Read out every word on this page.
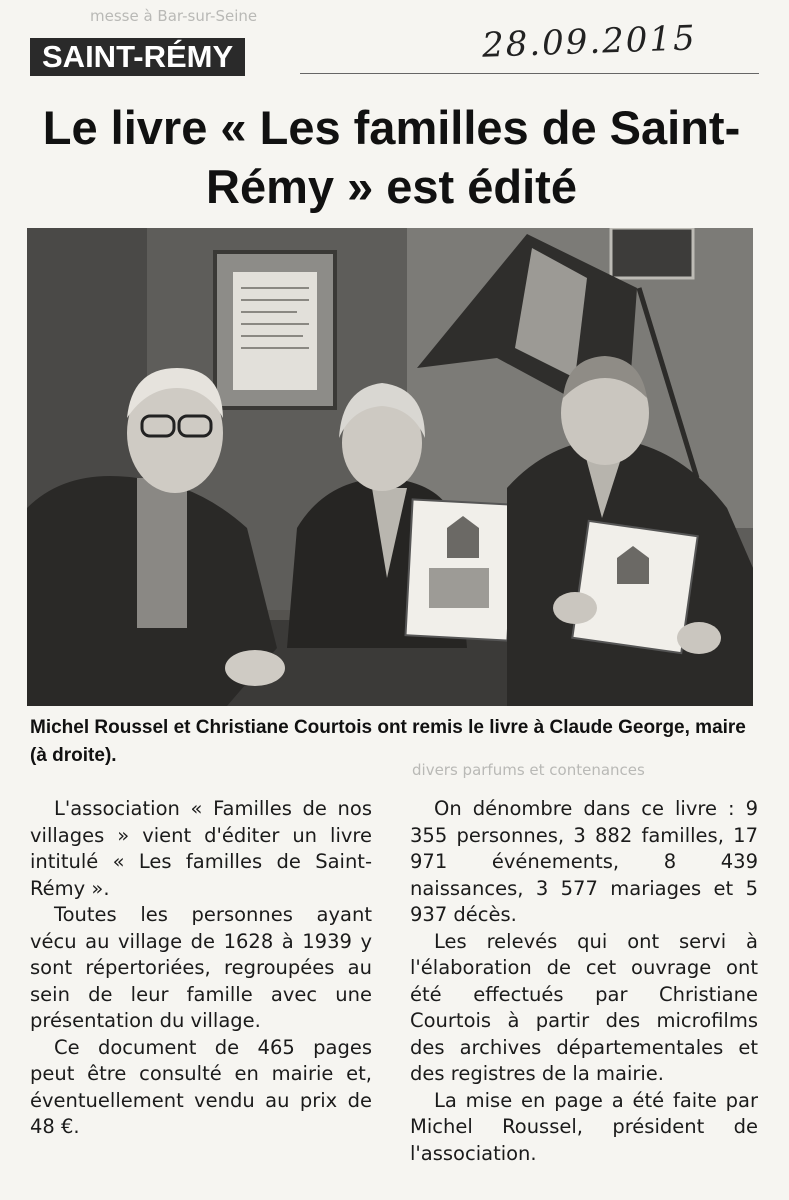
messe à Bar-sur-Seine
divers parfums et contenances
SAINT-RÉMY	28.09.2015
Le livre « Les familles de Saint-Rémy » est édité

Michel Roussel et Christiane Courtois ont remis le livre à Claude George, maire (à droite).

L'association « Familles de nos villages » vient d'éditer un livre intitulé « Les familles de Saint-Rémy ».

Toutes les personnes ayant vécu au village de 1628 à 1939 y sont répertoriées, regroupées au sein de leur famille avec une présentation du village.

Ce document de 465 pages peut être consulté en mairie et, éventuellement vendu au prix de 48 €.

On dénombre dans ce livre : 9 355 personnes, 3 882 familles, 17 971 événements, 8 439 naissances, 3 577 mariages et 5 937 décès.

Les relevés qui ont servi à l'élaboration de cet ouvrage ont été effectués par Christiane Courtois à partir des microfilms des archives départementales et des registres de la mairie.

La mise en page a été faite par Michel Roussel, président de l'association.
